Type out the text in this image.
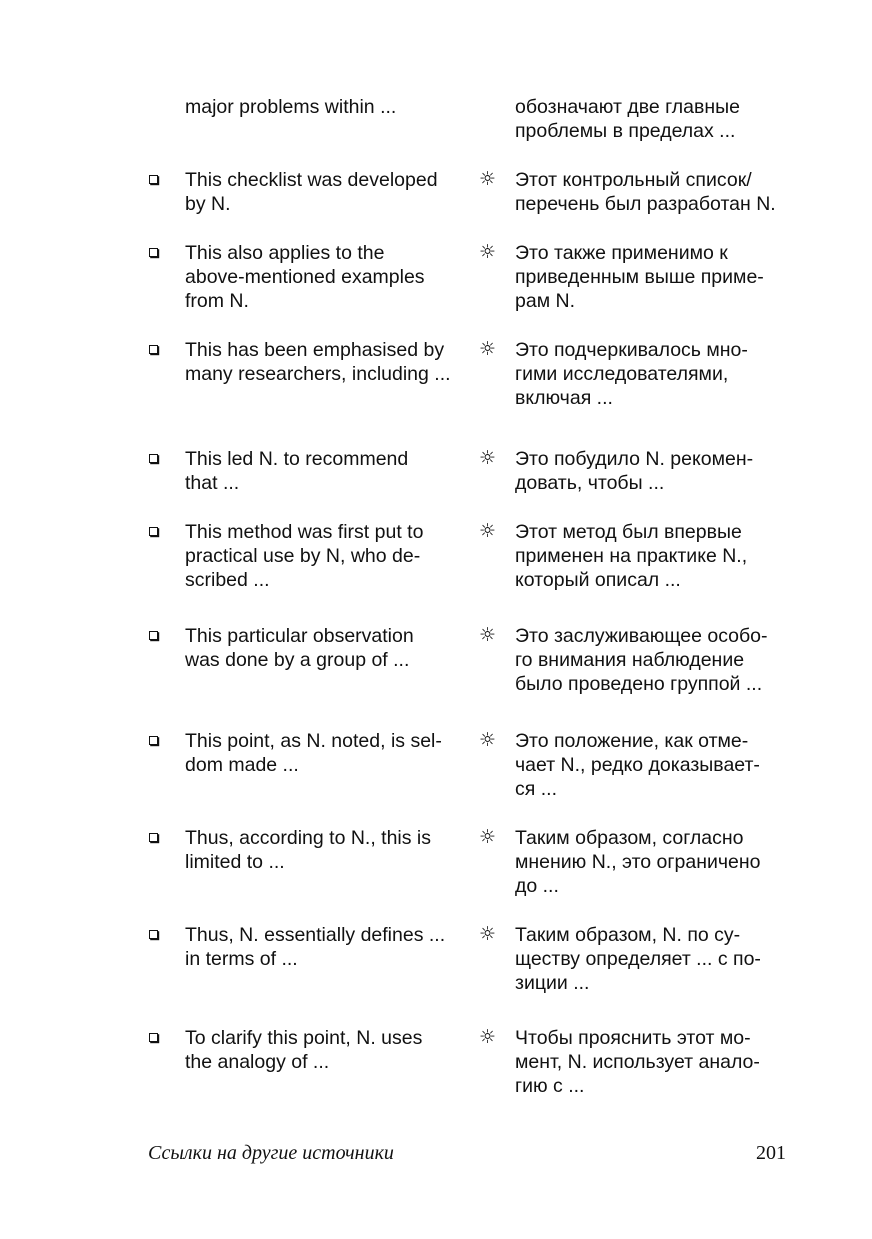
major problems within ...	обозначают две главные
проблемы в пределах ...
This checklist was developed
by N.
☼ Этот контрольный список/
перечень был разработан N.
This also applies to the
above-mentioned examples
from N.
☼ Это также применимо к
приведенным выше приме-
рам N.
This has been emphasised by
many researchers, including ...
☼ Это подчеркивалось мно-
гими исследователями,
включая ...
This led N. to recommend
that ...
☼ Это побудило N. рекомен-
довать, чтобы ...
This method was first put to
practical use by N, who de-
scribed ...
☼ Этот метод был впервые
применен на практике N.,
который описал ...
This particular observation
was done by a group of ...
☼ Это заслуживающее особо-
го внимания наблюдение
было проведено группой ...
This point, as N. noted, is sel-
dom made ...
☼ Это положение, как отме-
чает N., редко доказывает-
ся ...
Thus, according to N., this is
limited to ...
☼ Таким образом, согласно
мнению N., это ограничено
до ...
Thus, N. essentially defines ...
in terms of ...
☼ Таким образом, N. по су-
ществу определяет ... с по-
зиции ...
To clarify this point, N. uses
the analogy of ...
☼ Чтобы прояснить этот мо-
мент, N. использует анало-
гию с ...
Ссылки на другие источники	201
